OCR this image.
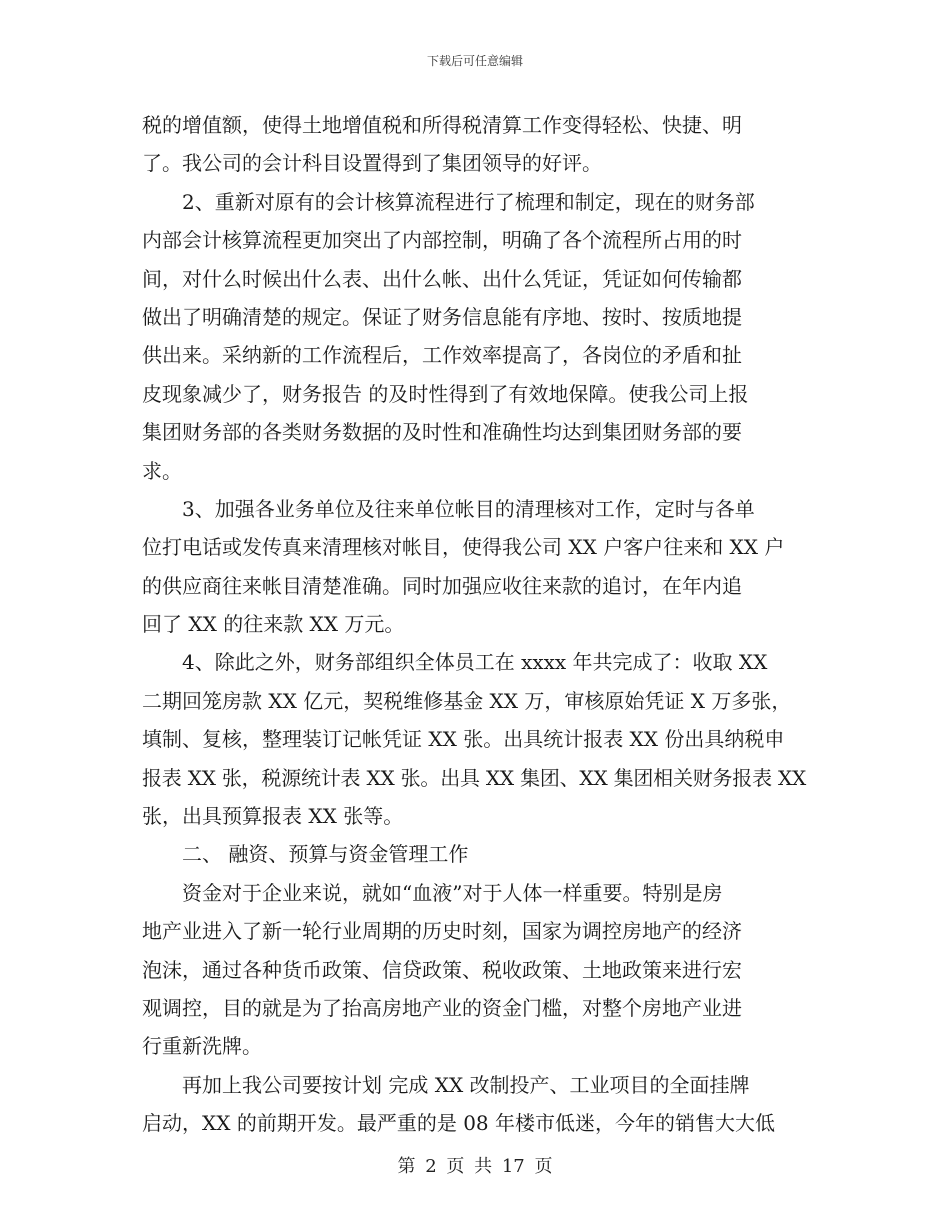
下载后可任意编辑
税的增值额，使得土地增值税和所得税清算工作变得轻松、快捷、明
了。我公司的会计科目设置得到了集团领导的好评。
　　2、重新对原有的会计核算流程进行了梳理和制定，现在的财务部
内部会计核算流程更加突出了内部控制，明确了各个流程所占用的时
间，对什么时候出什么表、出什么帐、出什么凭证，凭证如何传输都
做出了明确清楚的规定。保证了财务信息能有序地、按时、按质地提
供出来。采纳新的工作流程后，工作效率提高了，各岗位的矛盾和扯
皮现象减少了，财务报告 的及时性得到了有效地保障。使我公司上报
集团财务部的各类财务数据的及时性和准确性均达到集团财务部的要
求。
　　3、加强各业务单位及往来单位帐目的清理核对工作，定时与各单
位打电话或发传真来清理核对帐目，使得我公司 XX 户客户往来和 XX 户
的供应商往来帐目清楚准确。同时加强应收往来款的追讨，在年内追
回了 XX 的往来款 XX 万元。
　　4、除此之外，财务部组织全体员工在 xxxx 年共完成了：收取 XX
二期回笼房款 XX 亿元，契税维修基金 XX 万，审核原始凭证 X 万多张，
填制、复核，整理装订记帐凭证 XX 张。出具统计报表 XX 份出具纳税申
报表 XX 张，税源统计表 XX 张。出具 XX 集团、XX 集团相关财务报表 XX
张，出具预算报表 XX 张等。
　　二、 融资、预算与资金管理工作
　　资金对于企业来说，就如“血液”对于人体一样重要。特别是房
地产业进入了新一轮行业周期的历史时刻，国家为调控房地产的经济
泡沫，通过各种货币政策、信贷政策、税收政策、土地政策来进行宏
观调控，目的就是为了抬高房地产业的资金门槛，对整个房地产业进
行重新洗牌。
　　再加上我公司要按计划 完成 XX 改制投产、工业项目的全面挂牌
启动，XX 的前期开发。最严重的是 08 年楼市低迷，今年的销售大大低
第 2 页 共 17 页
